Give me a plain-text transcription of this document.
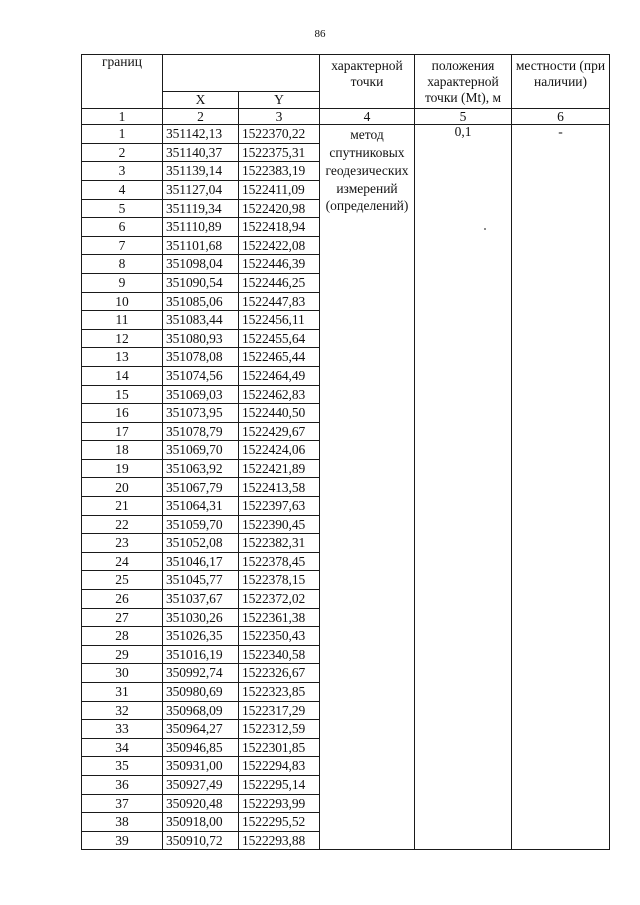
86
границ			характерной точки	положения характерной точки (Mt), м	местности (при наличии)
	X	Y			
1	2	3	4	5	6
1	351142,13	1522370,22	метод спутниковых геодезических измерений (определений)	0,1	-
2	351140,37	1522375,31			
3	351139,14	1522383,19			
4	351127,04	1522411,09			
5	351119,34	1522420,98			
6	351110,89	1522418,94			
7	351101,68	1522422,08			
8	351098,04	1522446,39			
9	351090,54	1522446,25			
10	351085,06	1522447,83			
11	351083,44	1522456,11			
12	351080,93	1522455,64			
13	351078,08	1522465,44			
14	351074,56	1522464,49			
15	351069,03	1522462,83			
16	351073,95	1522440,50			
17	351078,79	1522429,67			
18	351069,70	1522424,06			
19	351063,92	1522421,89			
20	351067,79	1522413,58			
21	351064,31	1522397,63			
22	351059,70	1522390,45			
23	351052,08	1522382,31			
24	351046,17	1522378,45			
25	351045,77	1522378,15			
26	351037,67	1522372,02			
27	351030,26	1522361,38			
28	351026,35	1522350,43			
29	351016,19	1522340,58			
30	350992,74	1522326,67			
31	350980,69	1522323,85			
32	350968,09	1522317,29			
33	350964,27	1522312,59			
34	350946,85	1522301,85			
35	350931,00	1522294,83			
36	350927,49	1522295,14			
37	350920,48	1522293,99			
38	350918,00	1522295,52			
39	350910,72	1522293,88			
